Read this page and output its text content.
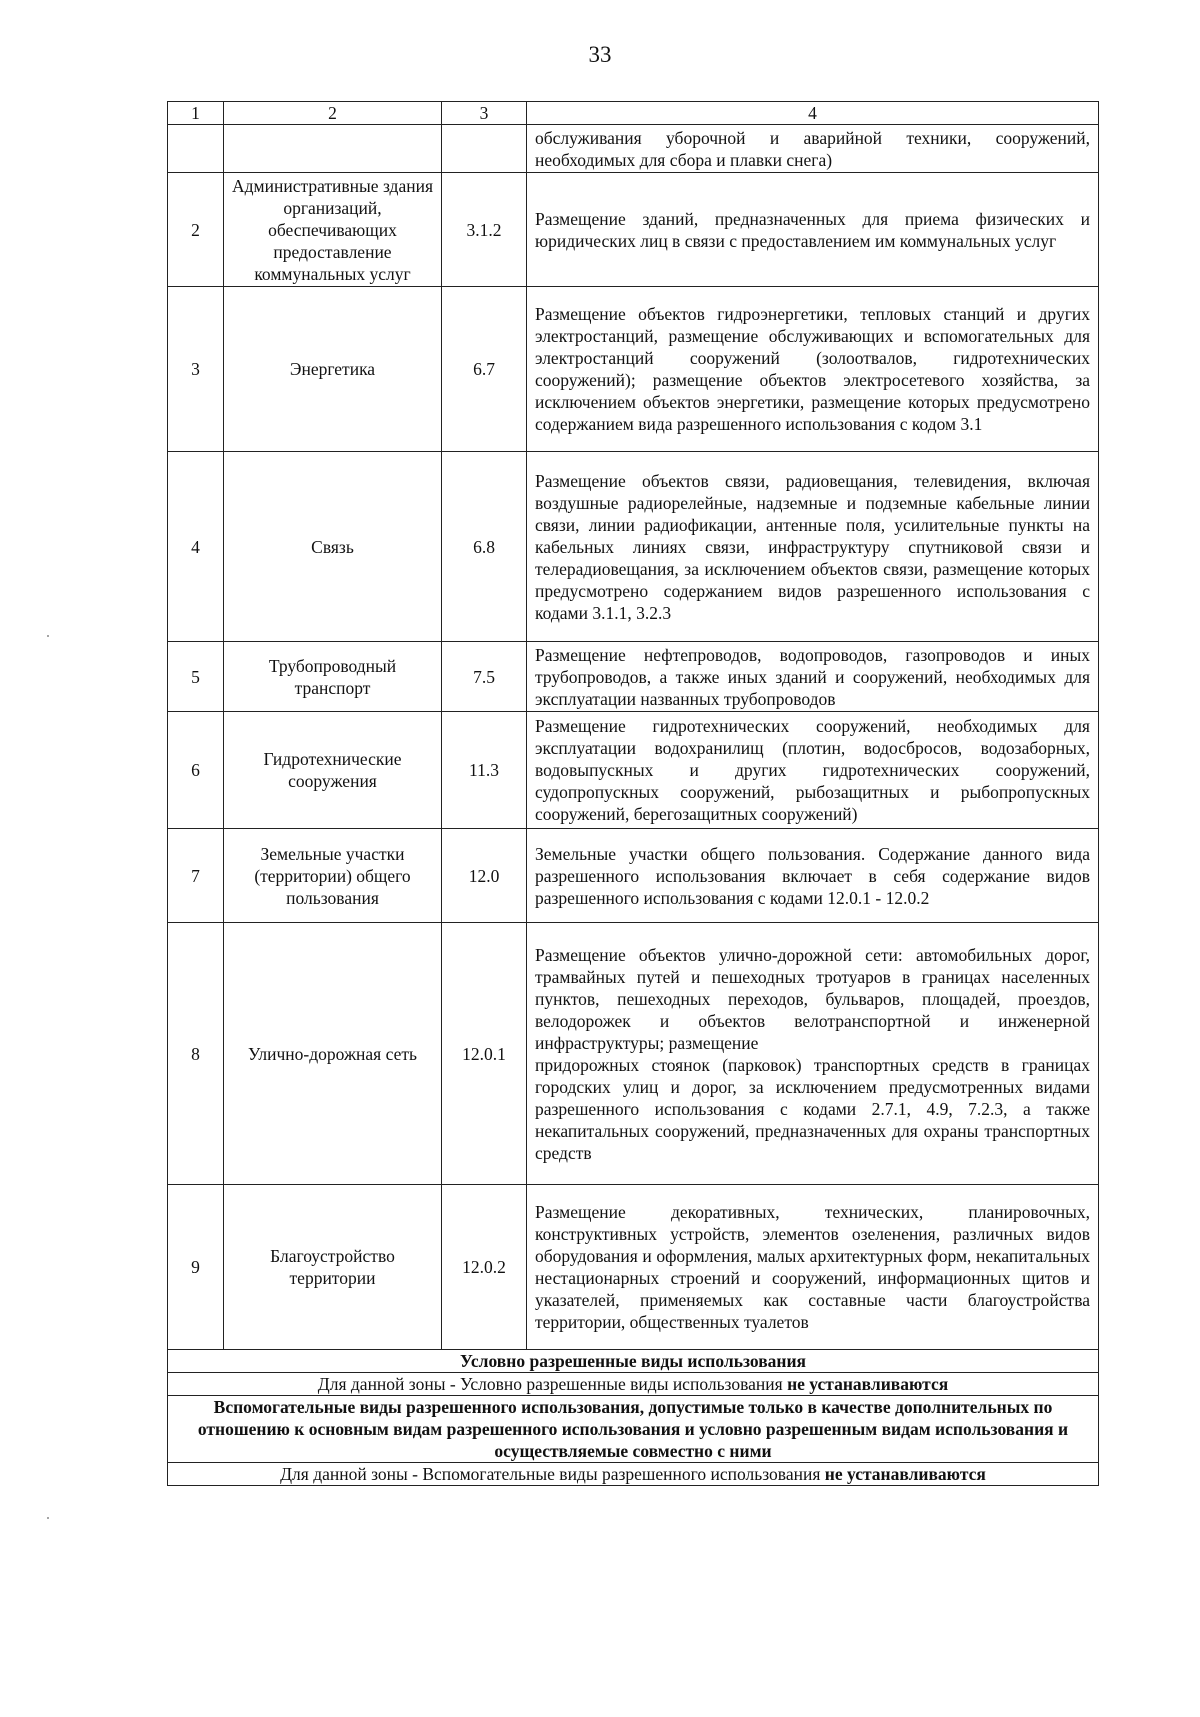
33
1	2	3	4
			обслуживания уборочной и аварийной техники, сооружений, необходимых для сбора и плавки снега)
2	Административные здания организаций, обеспечивающих предоставление коммунальных услуг	3.1.2	Размещение зданий, предназначенных для приема физических и юридических лиц в связи с предоставлением им коммунальных услуг
3	Энергетика	6.7	Размещение объектов гидроэнергетики, тепловых станций и других электростанций, размещение обслуживающих и вспомогательных для электростанций сооружений (золоотвалов, гидротехнических сооружений); размещение объектов электросетевого хозяйства, за исключением объектов энергетики, размещение которых предусмотрено содержанием вида разрешенного использования с кодом 3.1
4	Связь	6.8	Размещение объектов связи, радиовещания, телевидения, включая воздушные радиорелейные, надземные и подземные кабельные линии связи, линии радиофикации, антенные поля, усилительные пункты на кабельных линиях связи, инфраструктуру спутниковой связи и телерадиовещания, за исключением объектов связи, размещение которых предусмотрено содержанием видов разрешенного использования с кодами 3.1.1, 3.2.3
5	Трубопроводный транспорт	7.5	Размещение нефтепроводов, водопроводов, газопроводов и иных трубопроводов, а также иных зданий и сооружений, необходимых для эксплуатации названных трубопроводов
6	Гидротехнические сооружения	11.3	Размещение гидротехнических сооружений, необходимых для эксплуатации водохранилищ (плотин, водосбросов, водозаборных, водовыпускных и других гидротехнических сооружений, судопропускных сооружений, рыбозащитных и рыбопропускных сооружений, берегозащитных сооружений)
7	Земельные участки (территории) общего пользования	12.0	Земельные участки общего пользования. Содержание данного вида разрешенного использования включает в себя содержание видов разрешенного использования с кодами 12.0.1 - 12.0.2
8	Улично-дорожная сеть	12.0.1	Размещение объектов улично-дорожной сети: автомобильных дорог, трамвайных путей и пешеходных тротуаров в границах населенных пунктов, пешеходных переходов, бульваров, площадей, проездов, велодорожек и объектов велотранспортной и инженерной инфраструктуры; размещение
придорожных стоянок (парковок) транспортных средств в границах городских улиц и дорог, за исключением предусмотренных видами разрешенного использования с кодами 2.7.1, 4.9, 7.2.3, а также некапитальных сооружений, предназначенных для охраны транспортных средств

9	Благоустройство территории	12.0.2	Размещение декоративных, технических, планировочных, конструктивных устройств, элементов озеленения, различных видов оборудования и оформления, малых архитектурных форм, некапитальных нестационарных строений и сооружений, информационных щитов и указателей, применяемых как составные части благоустройства территории, общественных туалетов
Условно разрешенные виды использования			
Для данной зоны - Условно разрешенные виды использования не устанавливаются			
Вспомогательные виды разрешенного использования, допустимые только в качестве дополнительных по отношению к основным видам разрешенного использования и условно разрешенным видам использования и осуществляемые совместно с ними			
Для данной зоны - Вспомогательные виды разрешенного использования не устанавливаются			
